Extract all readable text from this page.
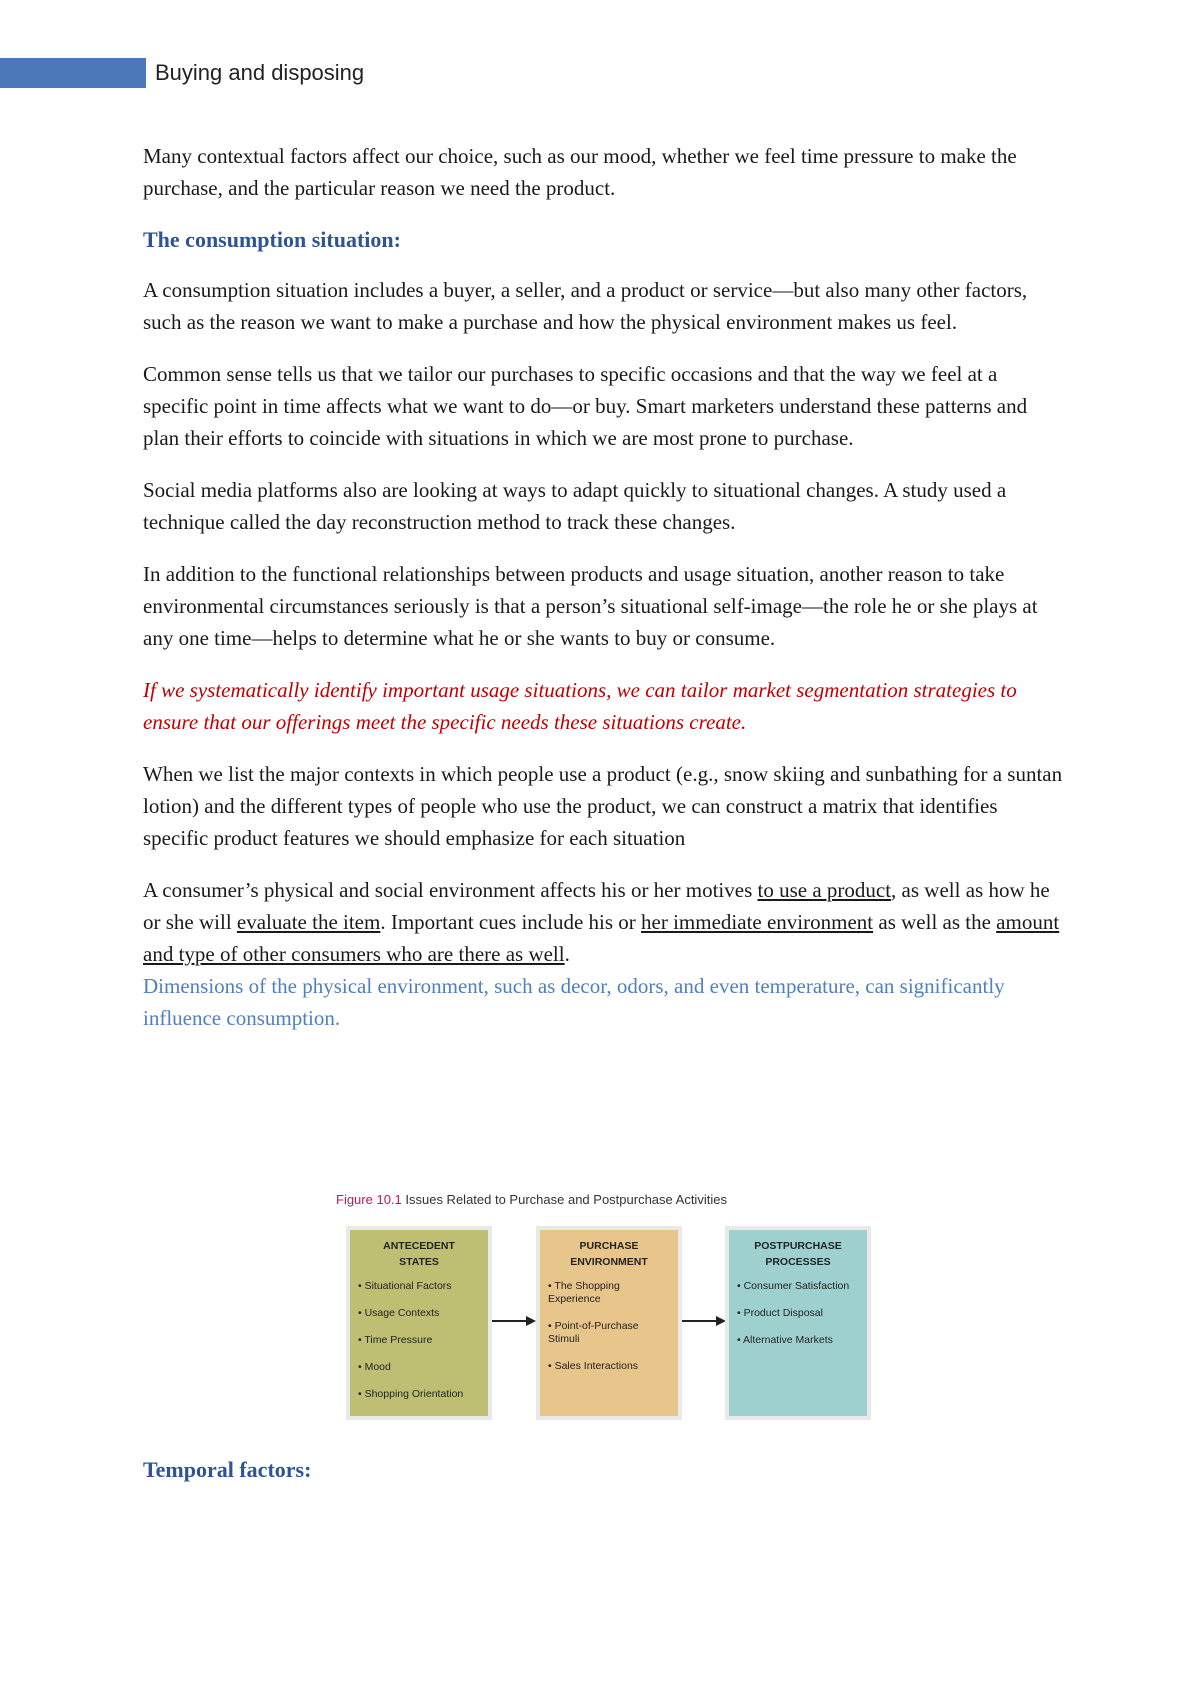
Buying and disposing

Many contextual factors affect our choice, such as our mood, whether we feel time pressure to make the purchase, and the particular reason we need the product.

The consumption situation:

A consumption situation includes a buyer, a seller, and a product or service—but also many other factors, such as the reason we want to make a purchase and how the physical environment makes us feel.

Common sense tells us that we tailor our purchases to specific occasions and that the way we feel at a specific point in time affects what we want to do—or buy. Smart marketers understand these patterns and plan their efforts to coincide with situations in which we are most prone to purchase.

Social media platforms also are looking at ways to adapt quickly to situational changes. A study used a technique called the day reconstruction method to track these changes.

In addition to the functional relationships between products and usage situation, another reason to take environmental circumstances seriously is that a person’s situational self-image—the role he or she plays at any one time—helps to determine what he or she wants to buy or consume.

If we systematically identify important usage situations, we can tailor market segmentation strategies to ensure that our offerings meet the specific needs these situations create.

When we list the major contexts in which people use a product (e.g., snow skiing and sunbathing for a suntan lotion) and the different types of people who use the product, we can construct a matrix that identifies specific product features we should emphasize for each situation

A consumer’s physical and social environment affects his or her motives to use a product, as well as how he or she will evaluate the item. Important cues include his or her immediate environment as well as the amount and type of other consumers who are there as well.
Dimensions of the physical environment, such as decor, odors, and even temperature, can significantly influence consumption.

Figure 10.1 Issues Related to Purchase and Postpurchase Activities
ANTECEDENT
STATES
• Situational Factors
• Usage Contexts
• Time Pressure
• Mood
• Shopping Orientation
PURCHASE
ENVIRONMENT
• The Shopping Experience
• Point-of-Purchase Stimuli
• Sales Interactions
POSTPURCHASE
PROCESSES
• Consumer Satisfaction
• Product Disposal
• Alternative Markets
Temporal factors:
